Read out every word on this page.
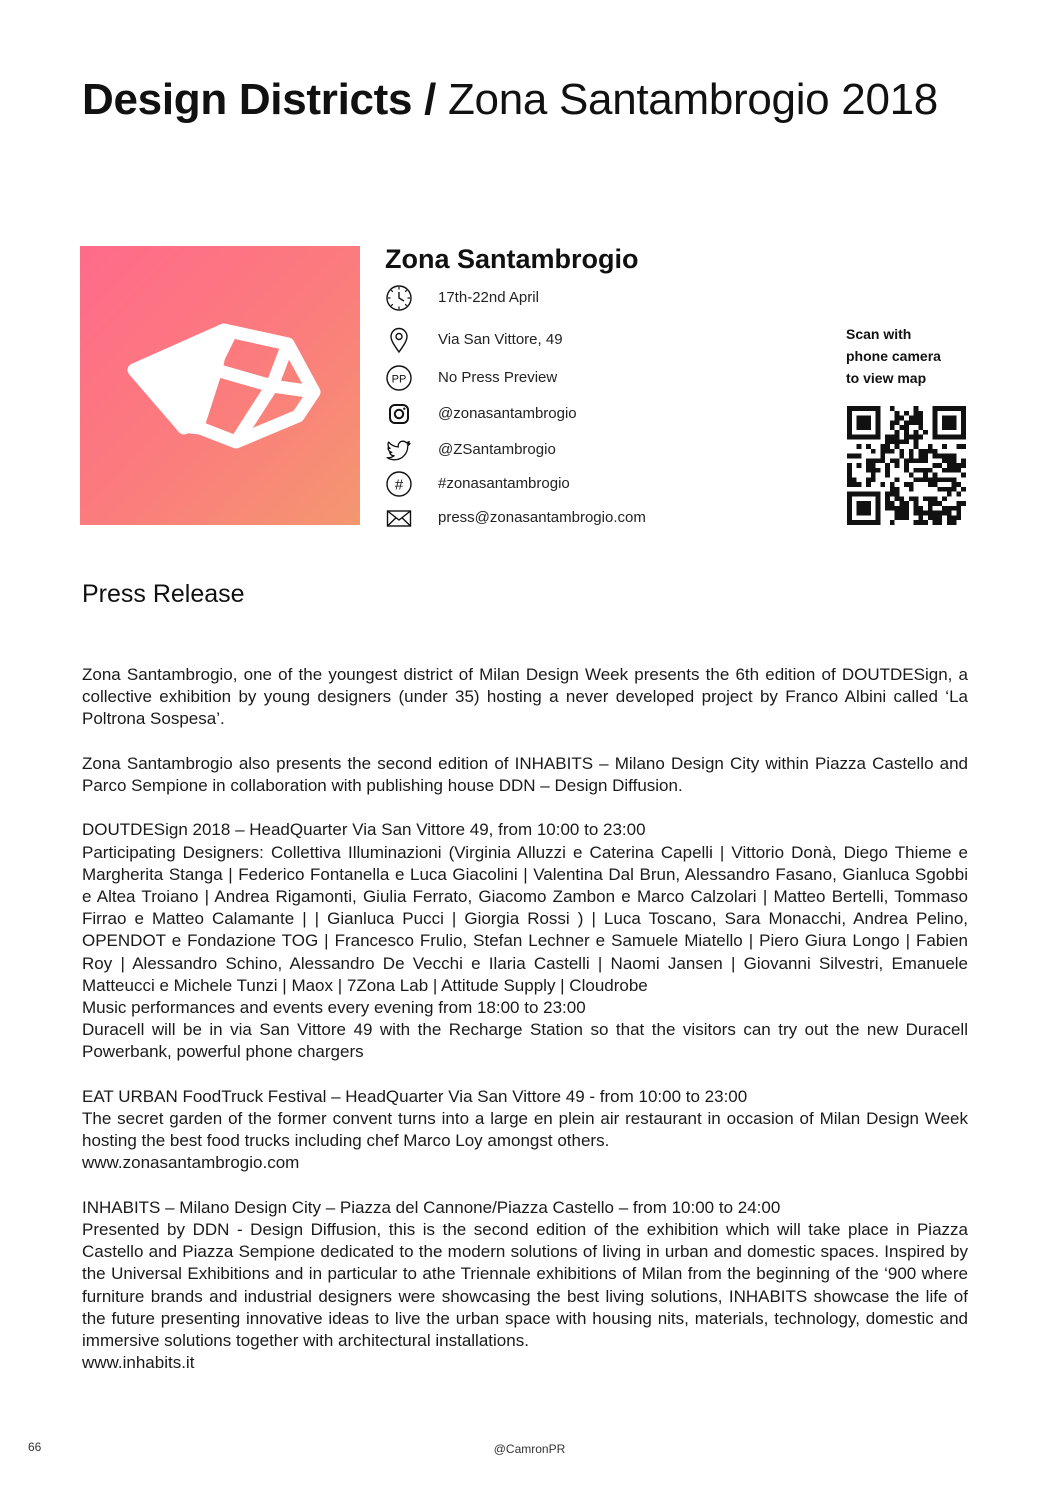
Design Districts / Zona Santambrogio 2018
Zona Santambrogio
17th-22nd April
Via San Vittore, 49
PP No Press Preview
@zonasantambrogio
@ZSantambrogio
# #zonasantambrogio
press@zonasantambrogio.com
Scan with
phone camera
to view map
Press Release

Zona Santambrogio, one of the youngest district of Milan Design Week presents the 6th edition of DOUTDESign, a collective exhibition by young designers (under 35) hosting a never developed project by Franco Albini called ‘La Poltrona Sospesa’.

Zona Santambrogio also presents the second edition of INHABITS – Milano Design City within Piazza Castello and Parco Sempione in collaboration with publishing house DDN – Design Diffusion.

DOUTDESign 2018 – HeadQuarter Via San Vittore 49, from 10:00 to 23:00
Participating Designers: Collettiva Illuminazioni (Virginia Alluzzi e Caterina Capelli | Vittorio Donà, Diego Thieme e Margherita Stanga | Federico Fontanella e Luca Giacolini | Valentina Dal Brun, Alessandro Fasano, Gianluca Sgobbi e Altea Troiano | Andrea Rigamonti, Giulia Ferrato, Giacomo Zambon e Marco Calzolari | Matteo Bertelli, Tommaso Firrao e Matteo Calamante | | Gianluca Pucci | Giorgia Rossi ) | Luca Toscano, Sara Monacchi, Andrea Pelino, OPENDOT e Fondazione TOG | Francesco Frulio, Stefan Lechner e Samuele Miatello | Piero Giura Longo | Fabien Roy | Alessandro Schino, Alessandro De Vecchi e Ilaria Castelli | Naomi Jansen | Giovanni Silvestri, Emanuele Matteucci e Michele Tunzi | Maox | 7Zona Lab | Attitude Supply | Cloudrobe
Music performances and events every evening from 18:00 to 23:00
Duracell will be in via San Vittore 49 with the Recharge Station so that the visitors can try out the new Duracell Powerbank, powerful phone chargers

EAT URBAN FoodTruck Festival – HeadQuarter Via San Vittore 49 - from 10:00 to 23:00
The secret garden of the former convent turns into a large en plein air restaurant in occasion of Milan Design Week hosting the best food trucks including chef Marco Loy amongst others.
www.zonasantambrogio.com

INHABITS – Milano Design City – Piazza del Cannone/Piazza Castello – from 10:00 to 24:00
Presented by DDN - Design Diffusion, this is the second edition of the exhibition which will take place in Piazza Castello and Piazza Sempione dedicated to the modern solutions of living in urban and domestic spaces. Inspired by the Universal Exhibitions and in particular to athe Triennale exhibitions of Milan from the beginning of the ‘900 where furniture brands and industrial designers were showcasing the best living solutions, INHABITS showcase the life of the future presenting innovative ideas to live the urban space with housing nits, materials, technology, domestic and immersive solutions together with architectural installations.
www.inhabits.it

66	@CamronPR
